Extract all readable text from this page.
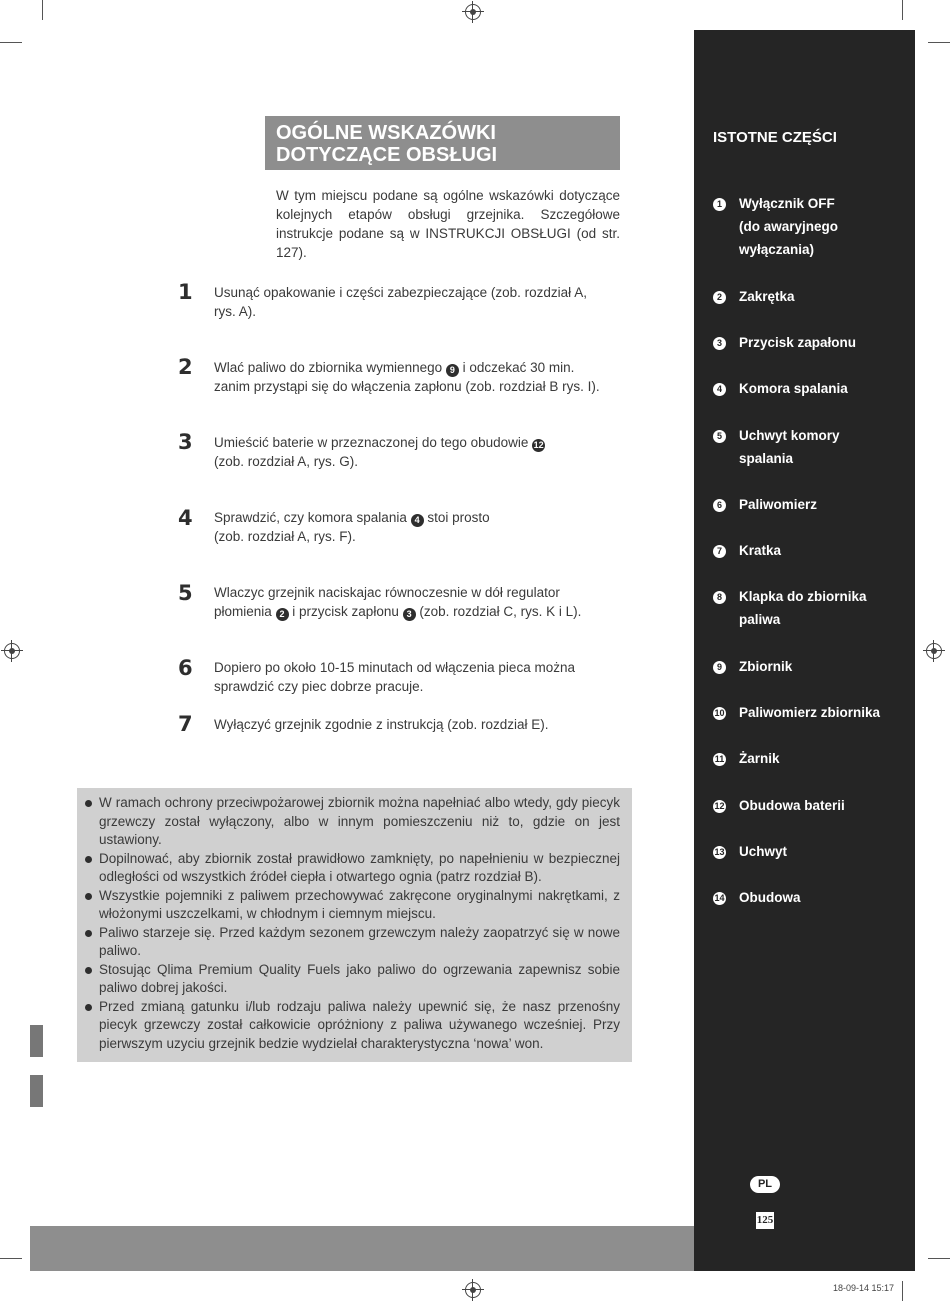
OGÓLNE WSKAZÓWKI
DOTYCZĄCE OBSŁUGI
W tym miejscu podane są ogólne wskazówki dotyczące kolejnych etapów obsługi grzejnika. Szczegółowe instrukcje podane są w INSTRUKCJI OBSŁUGI (od str. 127).
1	Usunąć opakowanie i części zabezpieczające (zob. rozdział A,
rys. A).
2	Wlać paliwo do zbiornika wymiennego 9 i odczekać 30 min.
zanim przystąpi się do włączenia zapłonu (zob. rozdział B rys. I).
3	Umieścić baterie w przeznaczonej do tego obudowie 12
(zob. rozdział A, rys. G).
4	Sprawdzić, czy komora spalania 4 stoi prosto
(zob. rozdział A, rys. F).
5	Wlaczyc grzejnik naciskajac równoczesnie w dół regulator
płomienia 2 i przycisk zapłonu 3 (zob. rozdział C, rys. K i L).
6	Dopiero po około 10-15 minutach od włączenia pieca można
sprawdzić czy piec dobrze pracuje.
7	Wyłączyć grzejnik zgodnie z instrukcją (zob. rozdział E).
W ramach ochrony przeciwpożarowej zbiornik można napełniać albo wtedy, gdy piecyk grzewczy został wyłączony, albo w innym pomieszczeniu niż to, gdzie on jest ustawiony.
Dopilnować, aby zbiornik został prawidłowo zamknięty, po napełnieniu w bezpiecznej odległości od wszystkich źródeł ciepła i otwartego ognia (patrz rozdział B).
Wszystkie pojemniki z paliwem przechowywać zakręcone oryginalnymi nakrętkami, z włożonymi uszczelkami, w chłodnym i ciemnym miejscu.
Paliwo starzeje się. Przed każdym sezonem grzewczym należy zaopatrzyć się w nowe paliwo.
Stosując Qlima Premium Quality Fuels jako paliwo do ogrzewania zapewnisz sobie paliwo dobrej jakości.
Przed zmianą gatunku i/lub rodzaju paliwa należy upewnić się, że nasz przenośny piecyk grzewczy został całkowicie opróżniony z paliwa używanego wcześniej. Przy pierwszym uzyciu grzejnik bedzie wydzielał charakterystyczna ‘nowa’ won.
ISTOTNE CZĘŚCI
1 Wyłącznik OFF
(do awaryjnego
wyłączania)
2 Zakrętka
3 Przycisk zapałonu
4 Komora spalania
5 Uchwyt komory
spalania
6 Paliwomierz
7 Kratka
8 Klapka do zbiornika
paliwa
9 Zbiornik
10 Paliwomierz zbiornika
11 Żarnik
12 Obudowa baterii
13 Uchwyt
14 Obudowa
PL
125
18-09-14 15:17
